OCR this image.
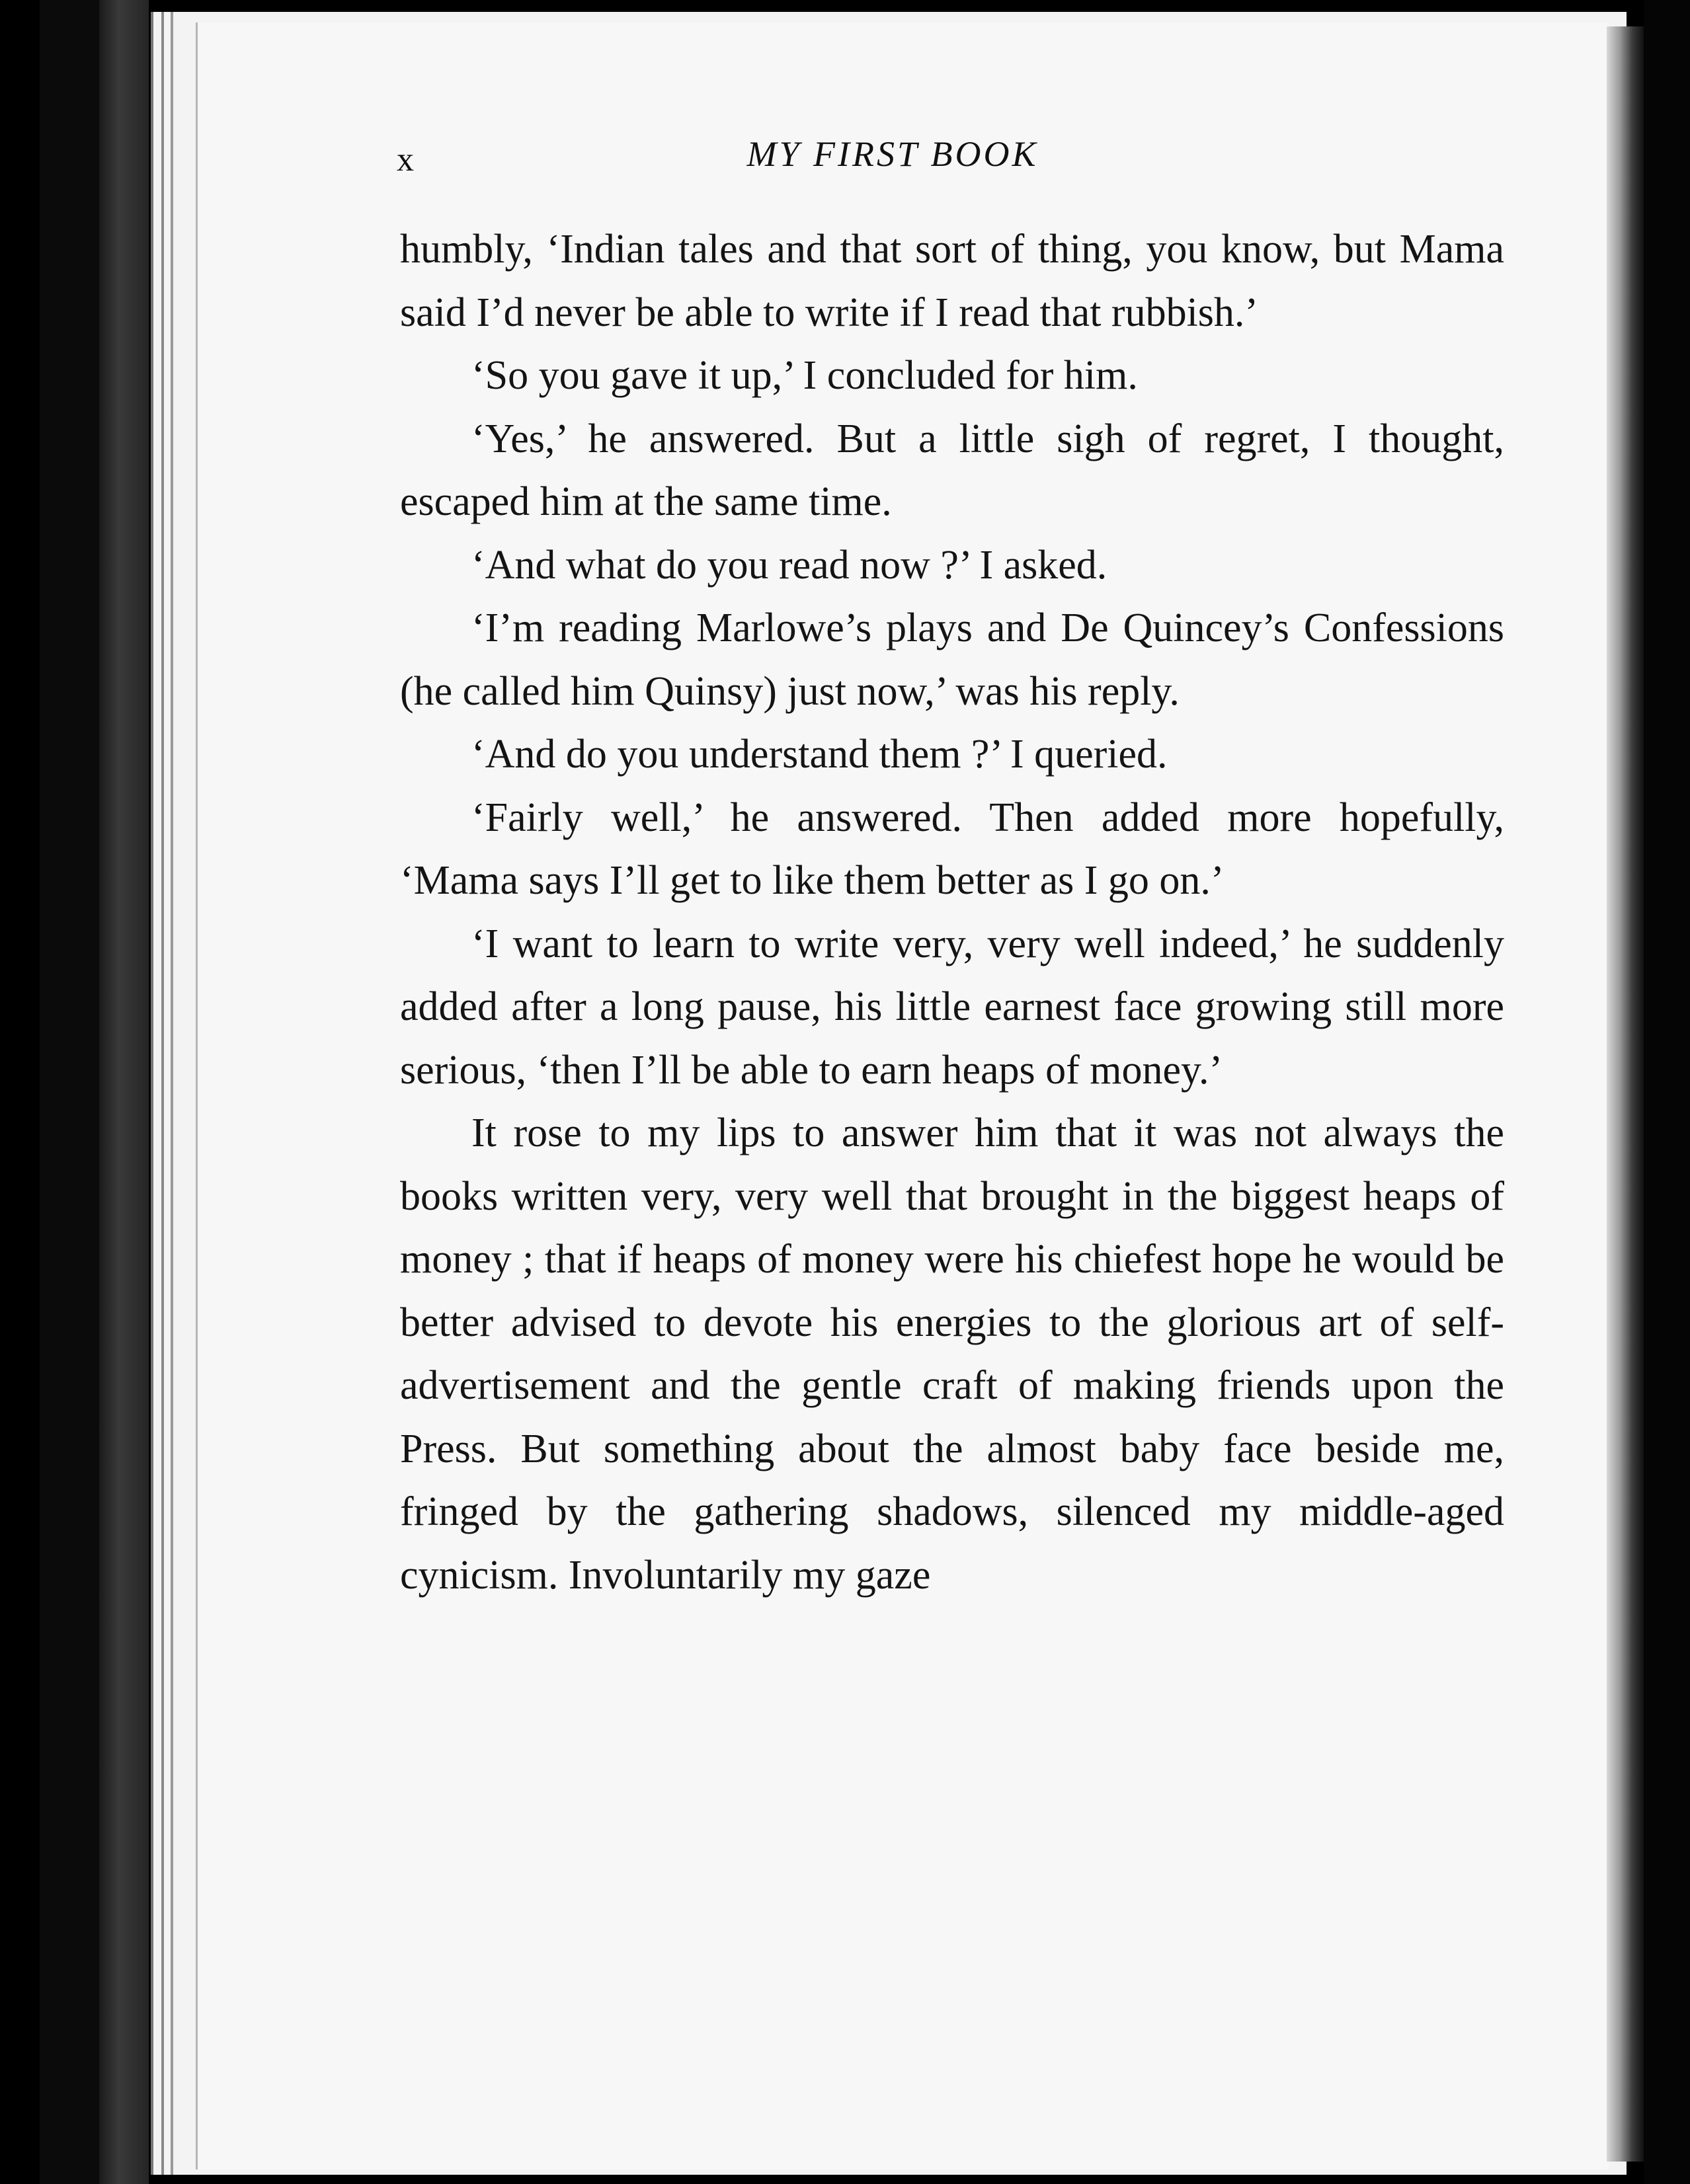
x	MY FIRST BOOK

humbly, ‘Indian tales and that sort of thing, you know, but Mama said I’d never be able to write if I read that rubbish.’

‘So you gave it up,’ I concluded for him.

‘Yes,’ he answered. But a little sigh of regret, I thought, escaped him at the same time.

‘And what do you read now ?’ I asked.

‘I’m reading Marlowe’s plays and De Quincey’s Confessions (he called him Quinsy) just now,’ was his reply.

‘And do you understand them ?’ I queried.

‘Fairly well,’ he answered. Then added more hopefully, ‘Mama says I’ll get to like them better as I go on.’

‘I want to learn to write very, very well indeed,’ he suddenly added after a long pause, his little earnest face growing still more serious, ‘then I’ll be able to earn heaps of money.’

It rose to my lips to answer him that it was not always the books written very, very well that brought in the biggest heaps of money ; that if heaps of money were his chiefest hope he would be better advised to devote his energies to the glorious art of self-advertisement and the gentle craft of making friends upon the Press. But something about the almost baby face beside me, fringed by the gathering shadows, silenced my middle-aged cynicism. Involuntarily my gaze
